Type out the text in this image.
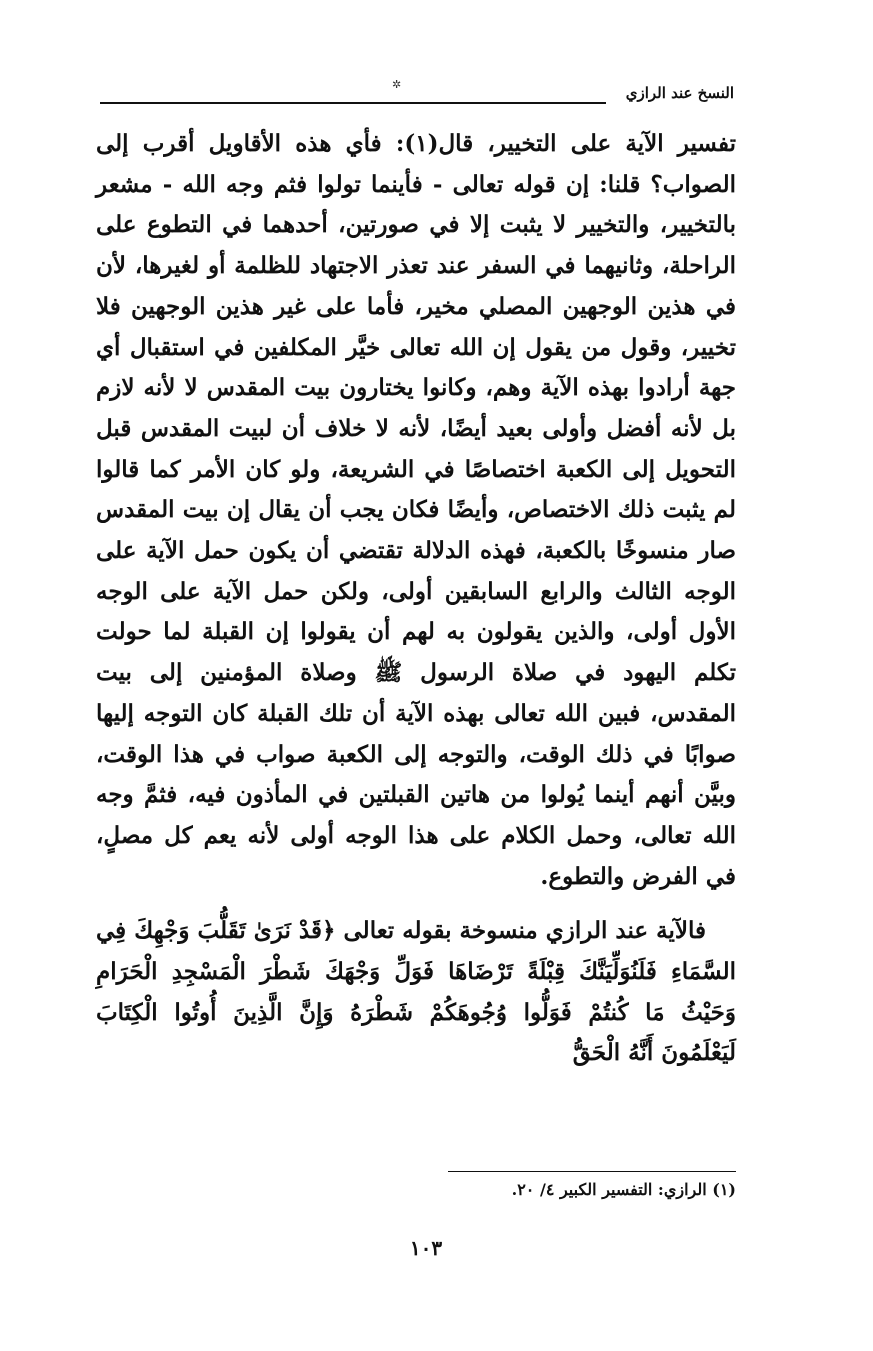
النسخ عند الرازي
✲

تفسير الآية على التخيير، قال(١): فأي هذه الأقاويل أقرب إلى الصواب؟ قلنا: إن قوله تعالى - فأينما تولوا فثم وجه الله - مشعر بالتخيير، والتخيير لا يثبت إلا في صورتين، أحدهما في التطوع على الراحلة، وثانيهما في السفر عند تعذر الاجتهاد للظلمة أو لغيرها، لأن في هذين الوجهين المصلي مخير، فأما على غير هذين الوجهين فلا تخيير، وقول من يقول إن الله تعالى خيَّر المكلفين في استقبال أي جهة أرادوا بهذه الآية وهم، وكانوا يختارون بيت المقدس لا لأنه لازم بل لأنه أفضل وأولى بعيد أيضًا، لأنه لا خلاف أن لبيت المقدس قبل التحويل إلى الكعبة اختصاصًا في الشريعة، ولو كان الأمر كما قالوا لم يثبت ذلك الاختصاص، وأيضًا فكان يجب أن يقال إن بيت المقدس صار منسوخًا بالكعبة، فهذه الدلالة تقتضي أن يكون حمل الآية على الوجه الثالث والرابع السابقين أولى، ولكن حمل الآية على الوجه الأول أولى، والذين يقولون به لهم أن يقولوا إن القبلة لما حولت تكلم اليهود في صلاة الرسول ﷺ وصلاة المؤمنين إلى بيت المقدس، فبين الله تعالى بهذه الآية أن تلك القبلة كان التوجه إليها صوابًا في ذلك الوقت، والتوجه إلى الكعبة صواب في هذا الوقت، وبيَّن أنهم أينما يُولوا من هاتين القبلتين في المأذون فيه، فثمَّ وجه الله تعالى، وحمل الكلام على هذا الوجه أولى لأنه يعم كل مصلٍ، في الفرض والتطوع.

فالآية عند الرازي منسوخة بقوله تعالى ﴿قَدْ نَرَىٰ تَقَلُّبَ وَجْهِكَ فِي السَّمَاءِ فَلَنُوَلِّيَنَّكَ قِبْلَةً تَرْضَاهَا فَوَلِّ وَجْهَكَ شَطْرَ الْمَسْجِدِ الْحَرَامِ وَحَيْثُ مَا كُنتُمْ فَوَلُّوا وُجُوهَكُمْ شَطْرَهُ وَإِنَّ الَّذِينَ أُوتُوا الْكِتَابَ لَيَعْلَمُونَ أَنَّهُ الْحَقُّ

(١) الرازي: التفسير الكبير ٤/ ٢٠.
١٠٣
